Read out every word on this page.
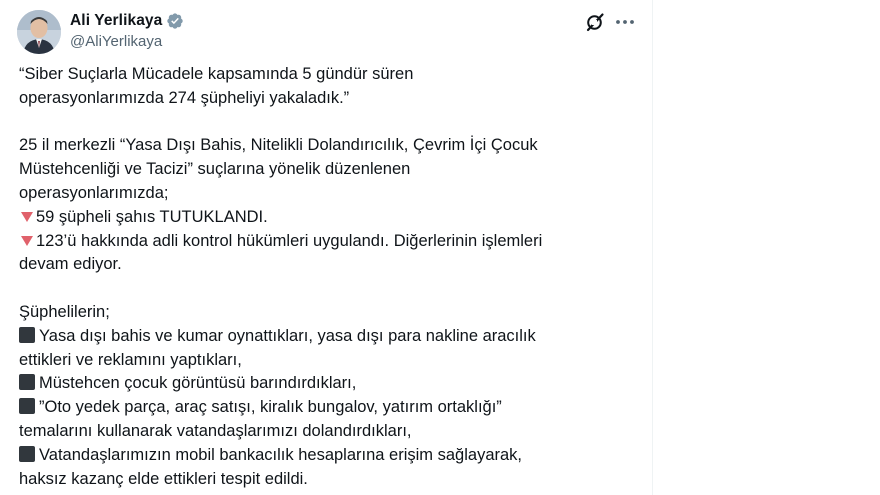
Ali Yerlikaya
@AliYerlikaya
“Siber Suçlarla Mücadele kapsamında 5 gündür süren
operasyonlarımızda 274 şüpheliyi yakaladık.”
25 il merkezli “Yasa Dışı Bahis, Nitelikli Dolandırıcılık, Çevrim İçi Çocuk
Müstehcenliği ve Tacizi” suçlarına yönelik düzenlenen
operasyonlarımızda;
59 şüpheli şahıs TUTUKLANDI.
123’ü hakkında adli kontrol hükümleri uygulandı. Diğerlerinin işlemleri
devam ediyor.
Şüphelilerin;
Yasa dışı bahis ve kumar oynattıkları, yasa dışı para nakline aracılık
ettikleri ve reklamını yaptıkları,
Müstehcen çocuk görüntüsü barındırdıkları,
”Oto yedek parça, araç satışı, kiralık bungalov, yatırım ortaklığı”
temalarını kullanarak vatandaşlarımızı dolandırdıkları,
Vatandaşlarımızın mobil bankacılık hesaplarına erişim sağlayarak,
haksız kazanç elde ettikleri tespit edildi.
